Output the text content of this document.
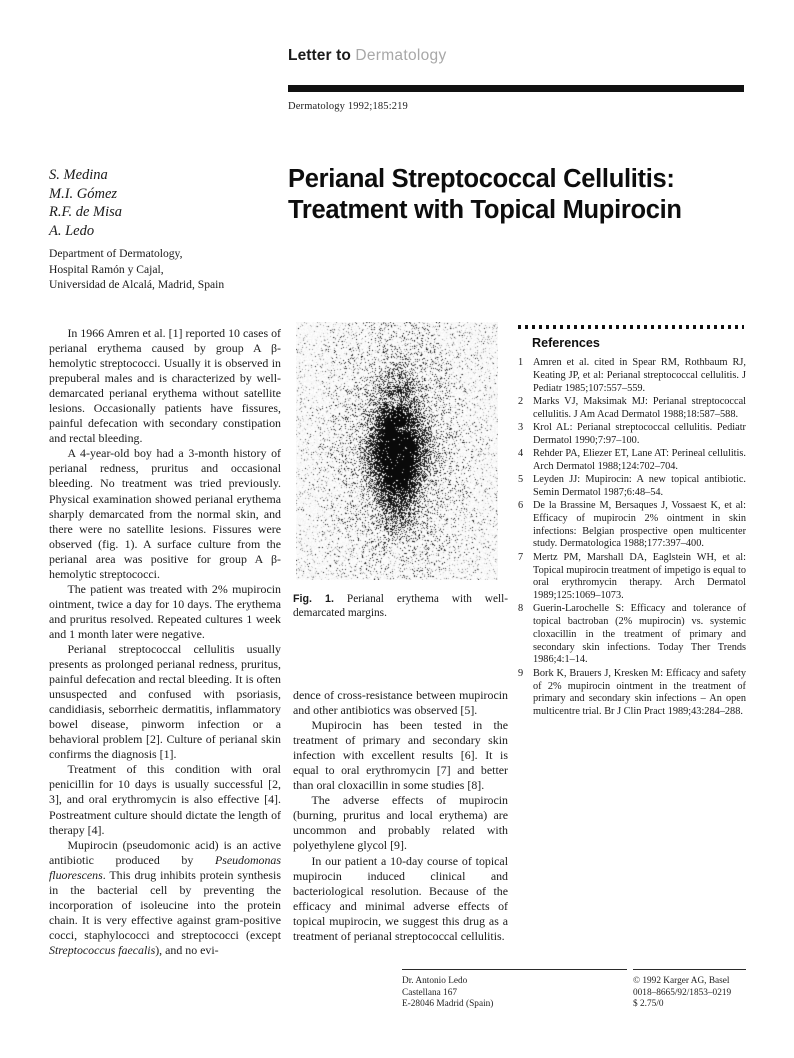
Letter to Dermatology
Dermatology 1992;185:219
S. Medina
M.I. Gómez
R.F. de Misa
A. Ledo
Department of Dermatology,
Hospital Ramón y Cajal,
Universidad de Alcalá, Madrid, Spain
Perianal Streptococcal Cellulitis:
Treatment with Topical Mupirocin

In 1966 Amren et al. [1] reported 10 cases of perianal erythema caused by group A β-hemolytic streptococci. Usually it is observed in prepuberal males and is characterized by well-demarcated perianal erythema without satellite lesions. Occasionally patients have fissures, painful defecation with secondary constipation and rectal bleeding.

A 4-year-old boy had a 3-month history of perianal redness, pruritus and occasional bleeding. No treatment was tried previously. Physical examination showed perianal erythema sharply demarcated from the normal skin, and there were no satellite lesions. Fissures were observed (fig. 1). A surface culture from the perianal area was positive for group A β-hemolytic streptococci.

The patient was treated with 2% mupirocin ointment, twice a day for 10 days. The erythema and pruritus resolved. Repeated cultures 1 week and 1 month later were negative.

Perianal streptococcal cellulitis usually presents as prolonged perianal redness, pruritus, painful defecation and rectal bleeding. It is often unsuspected and confused with psoriasis, candidiasis, seborrheic dermatitis, inflammatory bowel disease, pinworm infection or a behavioral problem [2]. Culture of perianal skin confirms the diagnosis [1].

Treatment of this condition with oral penicillin for 10 days is usually successful [2, 3], and oral erythromycin is also effective [4]. Postreatment culture should dictate the length of therapy [4].

Mupirocin (pseudomonic acid) is an active antibiotic produced by Pseudomonas fluorescens. This drug inhibits protein synthesis in the bacterial cell by preventing the incorporation of isoleucine into the protein chain. It is very effective against gram-positive cocci, staphylococci and streptococci (except Streptococcus faecalis), and no evi-

Fig. 1. Perianal erythema with well-demarcated margins.

dence of cross-resistance between mupirocin and other antibiotics was observed [5].

Mupirocin has been tested in the treatment of primary and secondary skin infection with excellent results [6]. It is equal to oral erythromycin [7] and better than oral cloxacillin in some studies [8].

The adverse effects of mupirocin (burning, pruritus and local erythema) are uncommon and probably related with polyethylene glycol [9].

In our patient a 10-day course of topical mupirocin induced clinical and bacteriological resolution. Because of the efficacy and minimal adverse effects of topical mupirocin, we suggest this drug as a treatment of perianal streptococcal cellulitis.

References
1 Amren et al. cited in Spear RM, Rothbaum RJ, Keating JP, et al: Perianal streptococcal cellulitis. J Pediatr 1985;107:557–559.
2 Marks VJ, Maksimak MJ: Perianal streptococcal cellulitis. J Am Acad Dermatol 1988;18:587–588.
3 Krol AL: Perianal streptococcal cellulitis. Pediatr Dermatol 1990;7:97–100.
4 Rehder PA, Eliezer ET, Lane AT: Perineal cellulitis. Arch Dermatol 1988;124:702–704.
5 Leyden JJ: Mupirocin: A new topical antibiotic. Semin Dermatol 1987;6:48–54.
6 De la Brassine M, Bersaques J, Vossaest K, et al: Efficacy of mupirocin 2% ointment in skin infections: Belgian prospective open multicenter study. Dermatologica 1988;177:397–400.
7 Mertz PM, Marshall DA, Eaglstein WH, et al: Topical mupirocin treatment of impetigo is equal to oral erythromycin therapy. Arch Dermatol 1989;125:1069–1073.
8 Guerin-Larochelle S: Efficacy and tolerance of topical bactroban (2% mupirocin) vs. systemic cloxacillin in the treatment of primary and secondary skin infections. Today Ther Trends 1986;4:1–14.
9 Bork K, Brauers J, Kresken M: Efficacy and safety of 2% mupirocin ointment in the treatment of primary and secondary skin infections – An open multicentre trial. Br J Clin Pract 1989;43:284–288.
Dr. Antonio Ledo
Castellana 167
E-28046 Madrid (Spain)
© 1992 Karger AG, Basel
0018–8665/92/1853–0219
$ 2.75/0
